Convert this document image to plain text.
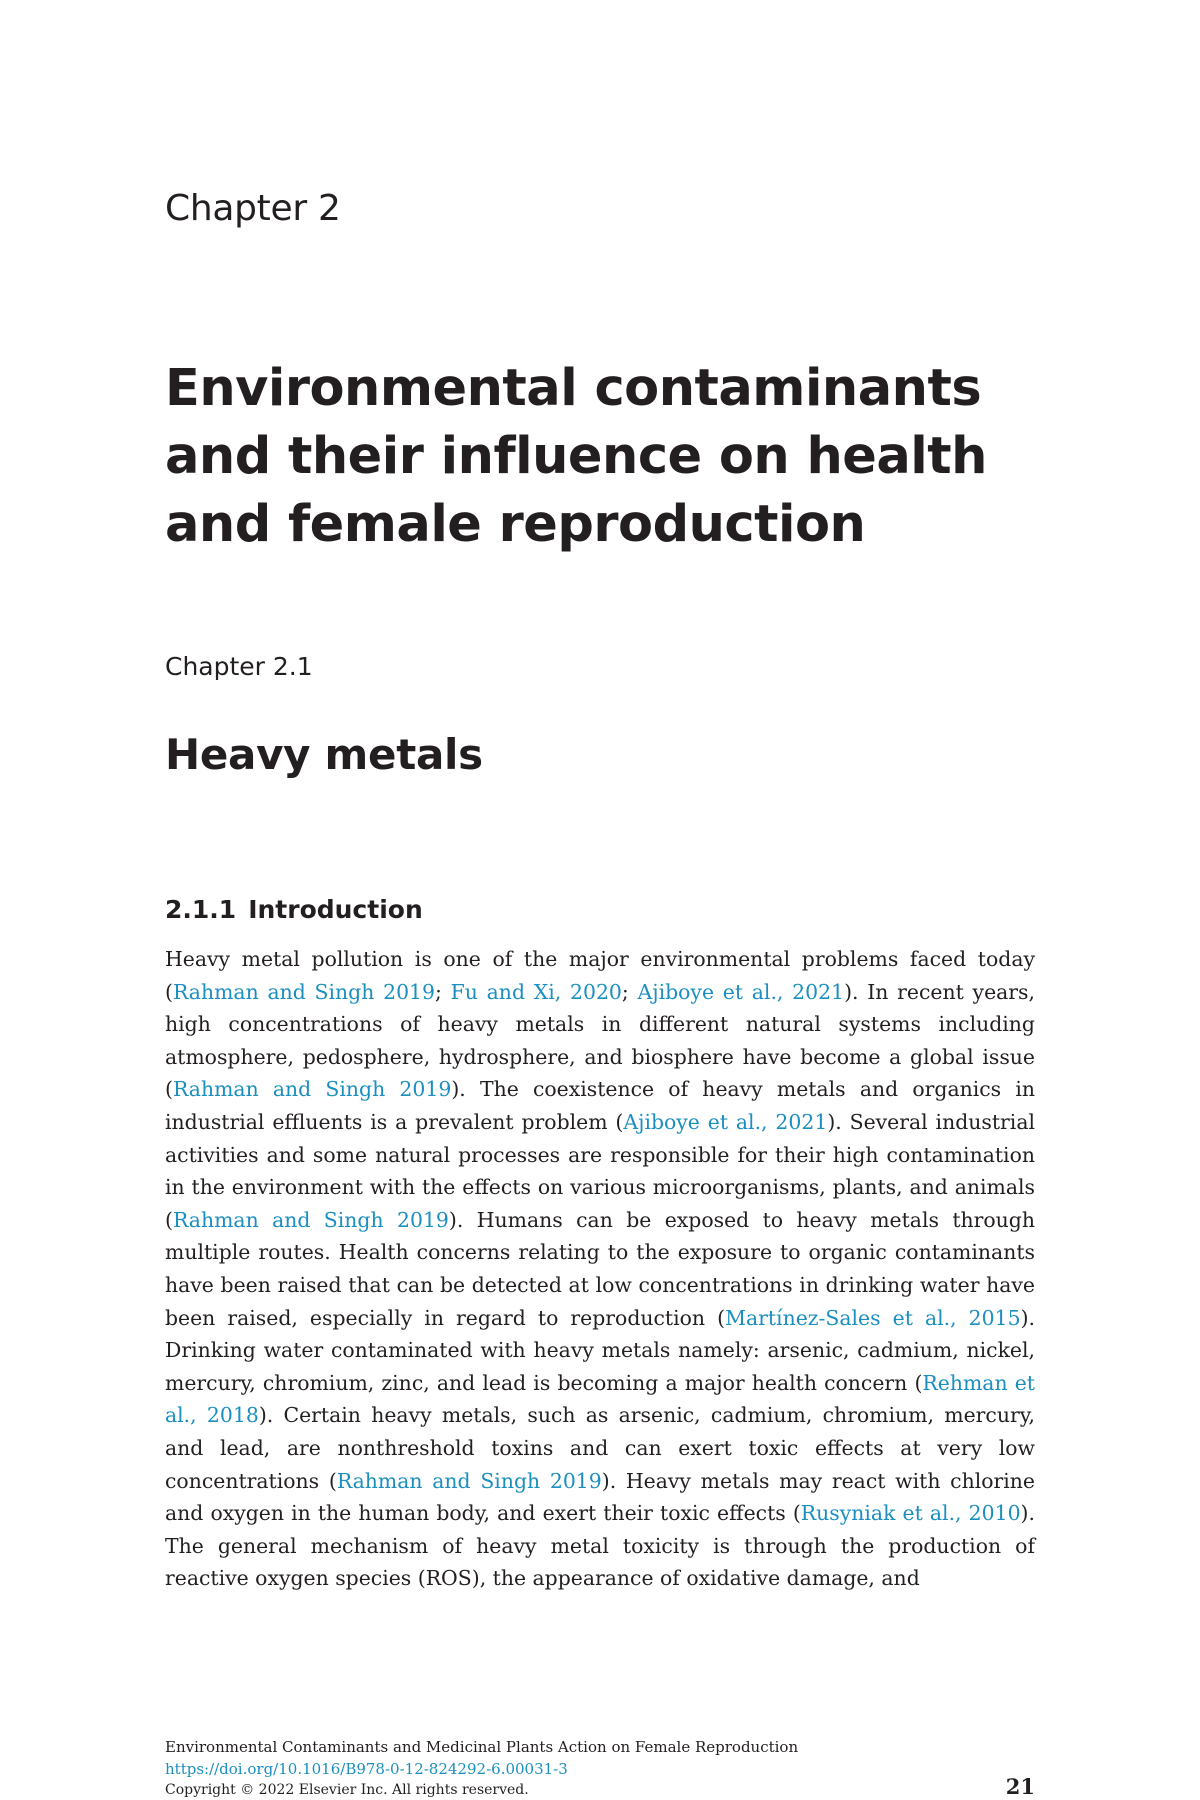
Chapter 2
Environmental contaminants
and their influence on health
and female reproduction
Chapter 2.1
Heavy metals
2.1.1 Introduction

Heavy metal pollution is one of the major environmental problems faced today (Rahman and Singh 2019; Fu and Xi, 2020; Ajiboye et al., 2021). In recent years, high concentrations of heavy metals in different natural systems including atmosphere, pedosphere, hydrosphere, and biosphere have become a global issue (Rahman and Singh 2019). The coexistence of heavy metals and organics in industrial effluents is a prevalent problem (Ajiboye et al., 2021). Several industrial activities and some natural processes are responsible for their high contamination in the environment with the effects on various microorganisms, plants, and animals (Rahman and Singh 2019). Humans can be exposed to heavy metals through multiple routes. Health concerns relating to the exposure to organic contaminants have been raised that can be detected at low concentrations in drinking water have been raised, especially in regard to reproduction (Martínez-Sales et al., 2015). Drinking water contaminated with heavy metals namely: arsenic, cadmium, nickel, mercury, chromium, zinc, and lead is becoming a major health concern (Rehman et al., 2018). Certain heavy metals, such as arsenic, cadmium, chromium, mercury, and lead, are nonthreshold toxins and can exert toxic effects at very low concentrations (Rahman and Singh 2019). Heavy metals may react with chlorine and oxygen in the human body, and exert their toxic effects (Rusyniak et al., 2010). The general mechanism of heavy metal toxicity is through the production of reactive oxygen species (ROS), the appearance of oxidative damage, and

Environmental Contaminants and Medicinal Plants Action on Female Reproduction
https://doi.org/10.1016/B978-0-12-824292-6.00031-3
Copyright © 2022 Elsevier Inc. All rights reserved.	21
